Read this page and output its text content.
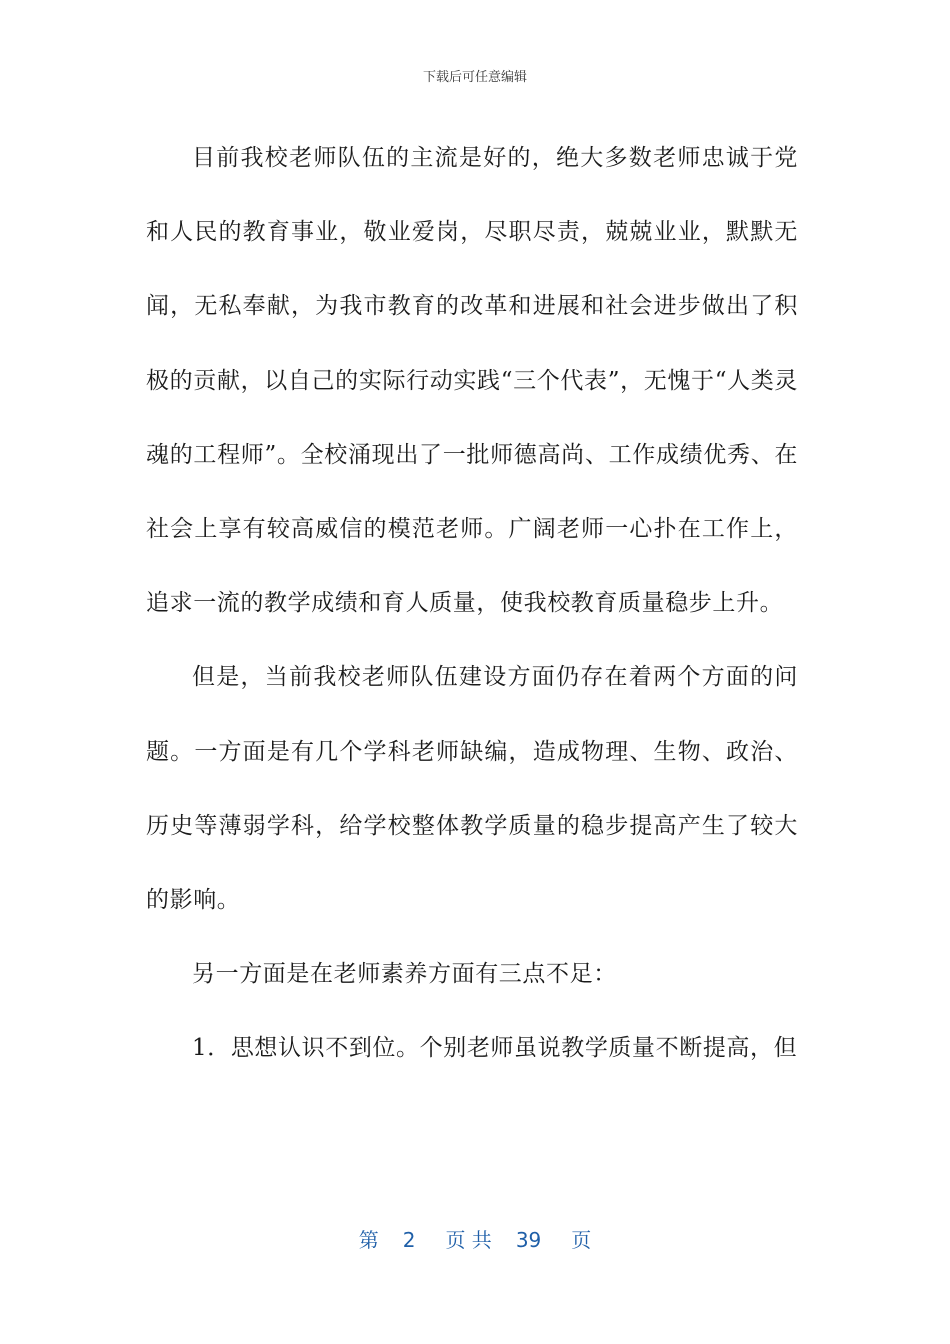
下载后可任意编辑

目前我校老师队伍的主流是好的，绝大多数老师忠诚于党和人民的教育事业，敬业爱岗，尽职尽责，兢兢业业，默默无闻，无私奉献，为我市教育的改革和进展和社会进步做出了积极的贡献，以自己的实际行动实践“三个代表”，无愧于“人类灵魂的工程师”。全校涌现出了一批师德高尚、工作成绩优秀、在社会上享有较高威信的模范老师。广阔老师一心扑在工作上，追求一流的教学成绩和育人质量，使我校教育质量稳步上升。

但是，当前我校老师队伍建设方面仍存在着两个方面的问题。一方面是有几个学科老师缺编，造成物理、生物、政治、历史等薄弱学科，给学校整体教学质量的稳步提高产生了较大的影响。

另一方面是在老师素养方面有三点不足：

1．思想认识不到位。个别老师虽说教学质量不断提高，但

第 2 页 共 39 页
